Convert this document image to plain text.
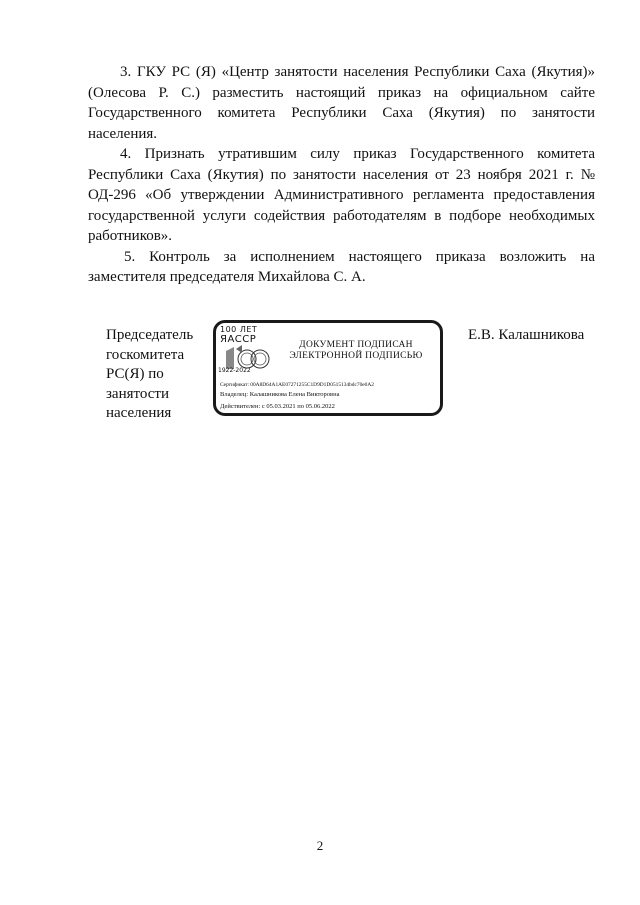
3. ГКУ РС (Я) «Центр занятости населения Республики Саха (Якутия)» (Олесова Р. С.) разместить настоящий приказ на официальном сайте Государственного комитета Республики Саха (Якутия) по занятости населения.

4. Признать утратившим силу приказ Государственного комитета Республики Саха (Якутия) по занятости населения от 23 ноября 2021 г. № ОД-296 «Об утверждении Административного регламента предоставления государственной услуги содействия работодателям в подборе необходимых работников».

5. Контроль за исполнением настоящего приказа возложить на заместителя председателя Михайлова С. А.

Председатель
госкомитета
РС(Я) по
занятости
населения
100 ЛЕТ
ЯАССР
1922-2022
ДОКУМЕНТ ПОДПИСАН
ЭЛЕКТРОННОЙ ПОДПИСЬЮ
Сертификат: 00A8D64A1AE07271255C1D9D1D0515134bdc70e0A2
Владелец: Калашникова Елена Викторовна
Действителен: с 05.03.2021 по 05.06.2022
Е.В. Калашникова
2
